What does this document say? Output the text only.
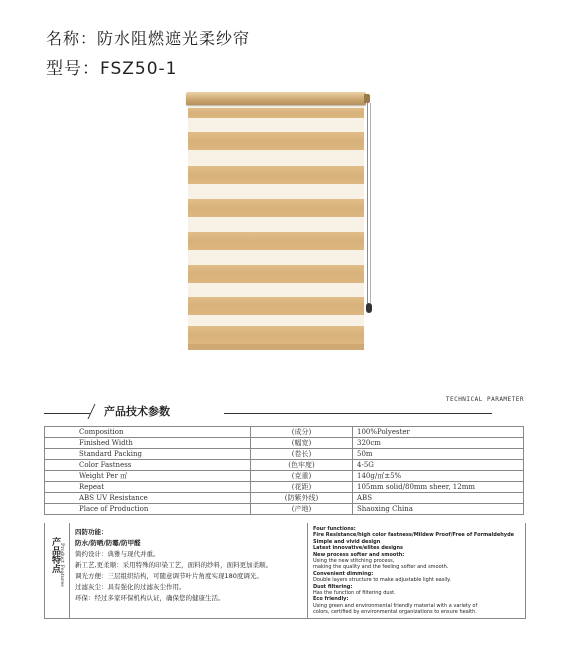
名称：防水阻燃遮光柔纱帘
型号：FSZ50-1
产品技术参数
TECHNICAL PARAMETER
Composition	(成分)	100%Polyester
Finished Width	(幅宽)	320cm
Standard Packing	(卷长)	50m
Color Fastness	(色牢度)	4-5G
Weight Per ㎡	(克重)	140g/㎡±5%
Repeat	(花距)	105mm solid/80mm sheer, 12mm
ABS UV Resistance	(防紫外线)	ABS
Place of Production	(产地)	Shaoxing China
产品特点 Product Features
四防功能：
防水/防晒/防霉/防甲醛
简约设计：典雅与现代并重。
新工艺,更柔顺：采用特殊的印染工艺，面料的纱料，面料更加柔顺。
调光方便：三层组织结构，可随意调节叶片角度实现180度调光。
过滤灰尘：具有强化的过滤灰尘作用。
环保：经过多家环保机构认证，确保您的健康生活。
Four functions:
Fire Resistance/high color fastness/Mildew Proof/Free of Formaldehyde
Simple and vivid design
Latest innovative/elites designs
New process softer and smooth:
Using the new stitching process,
making the quality and the feeling softer and smooth.
Convenient dimming:
Double layers structure to make adjustable light easily.
Dust filtering:
Has the function of filtering dust.
Eco friendly:
Using green and environmental friendly material with a variety of
colors, certified by environmental organizations to ensure health.
